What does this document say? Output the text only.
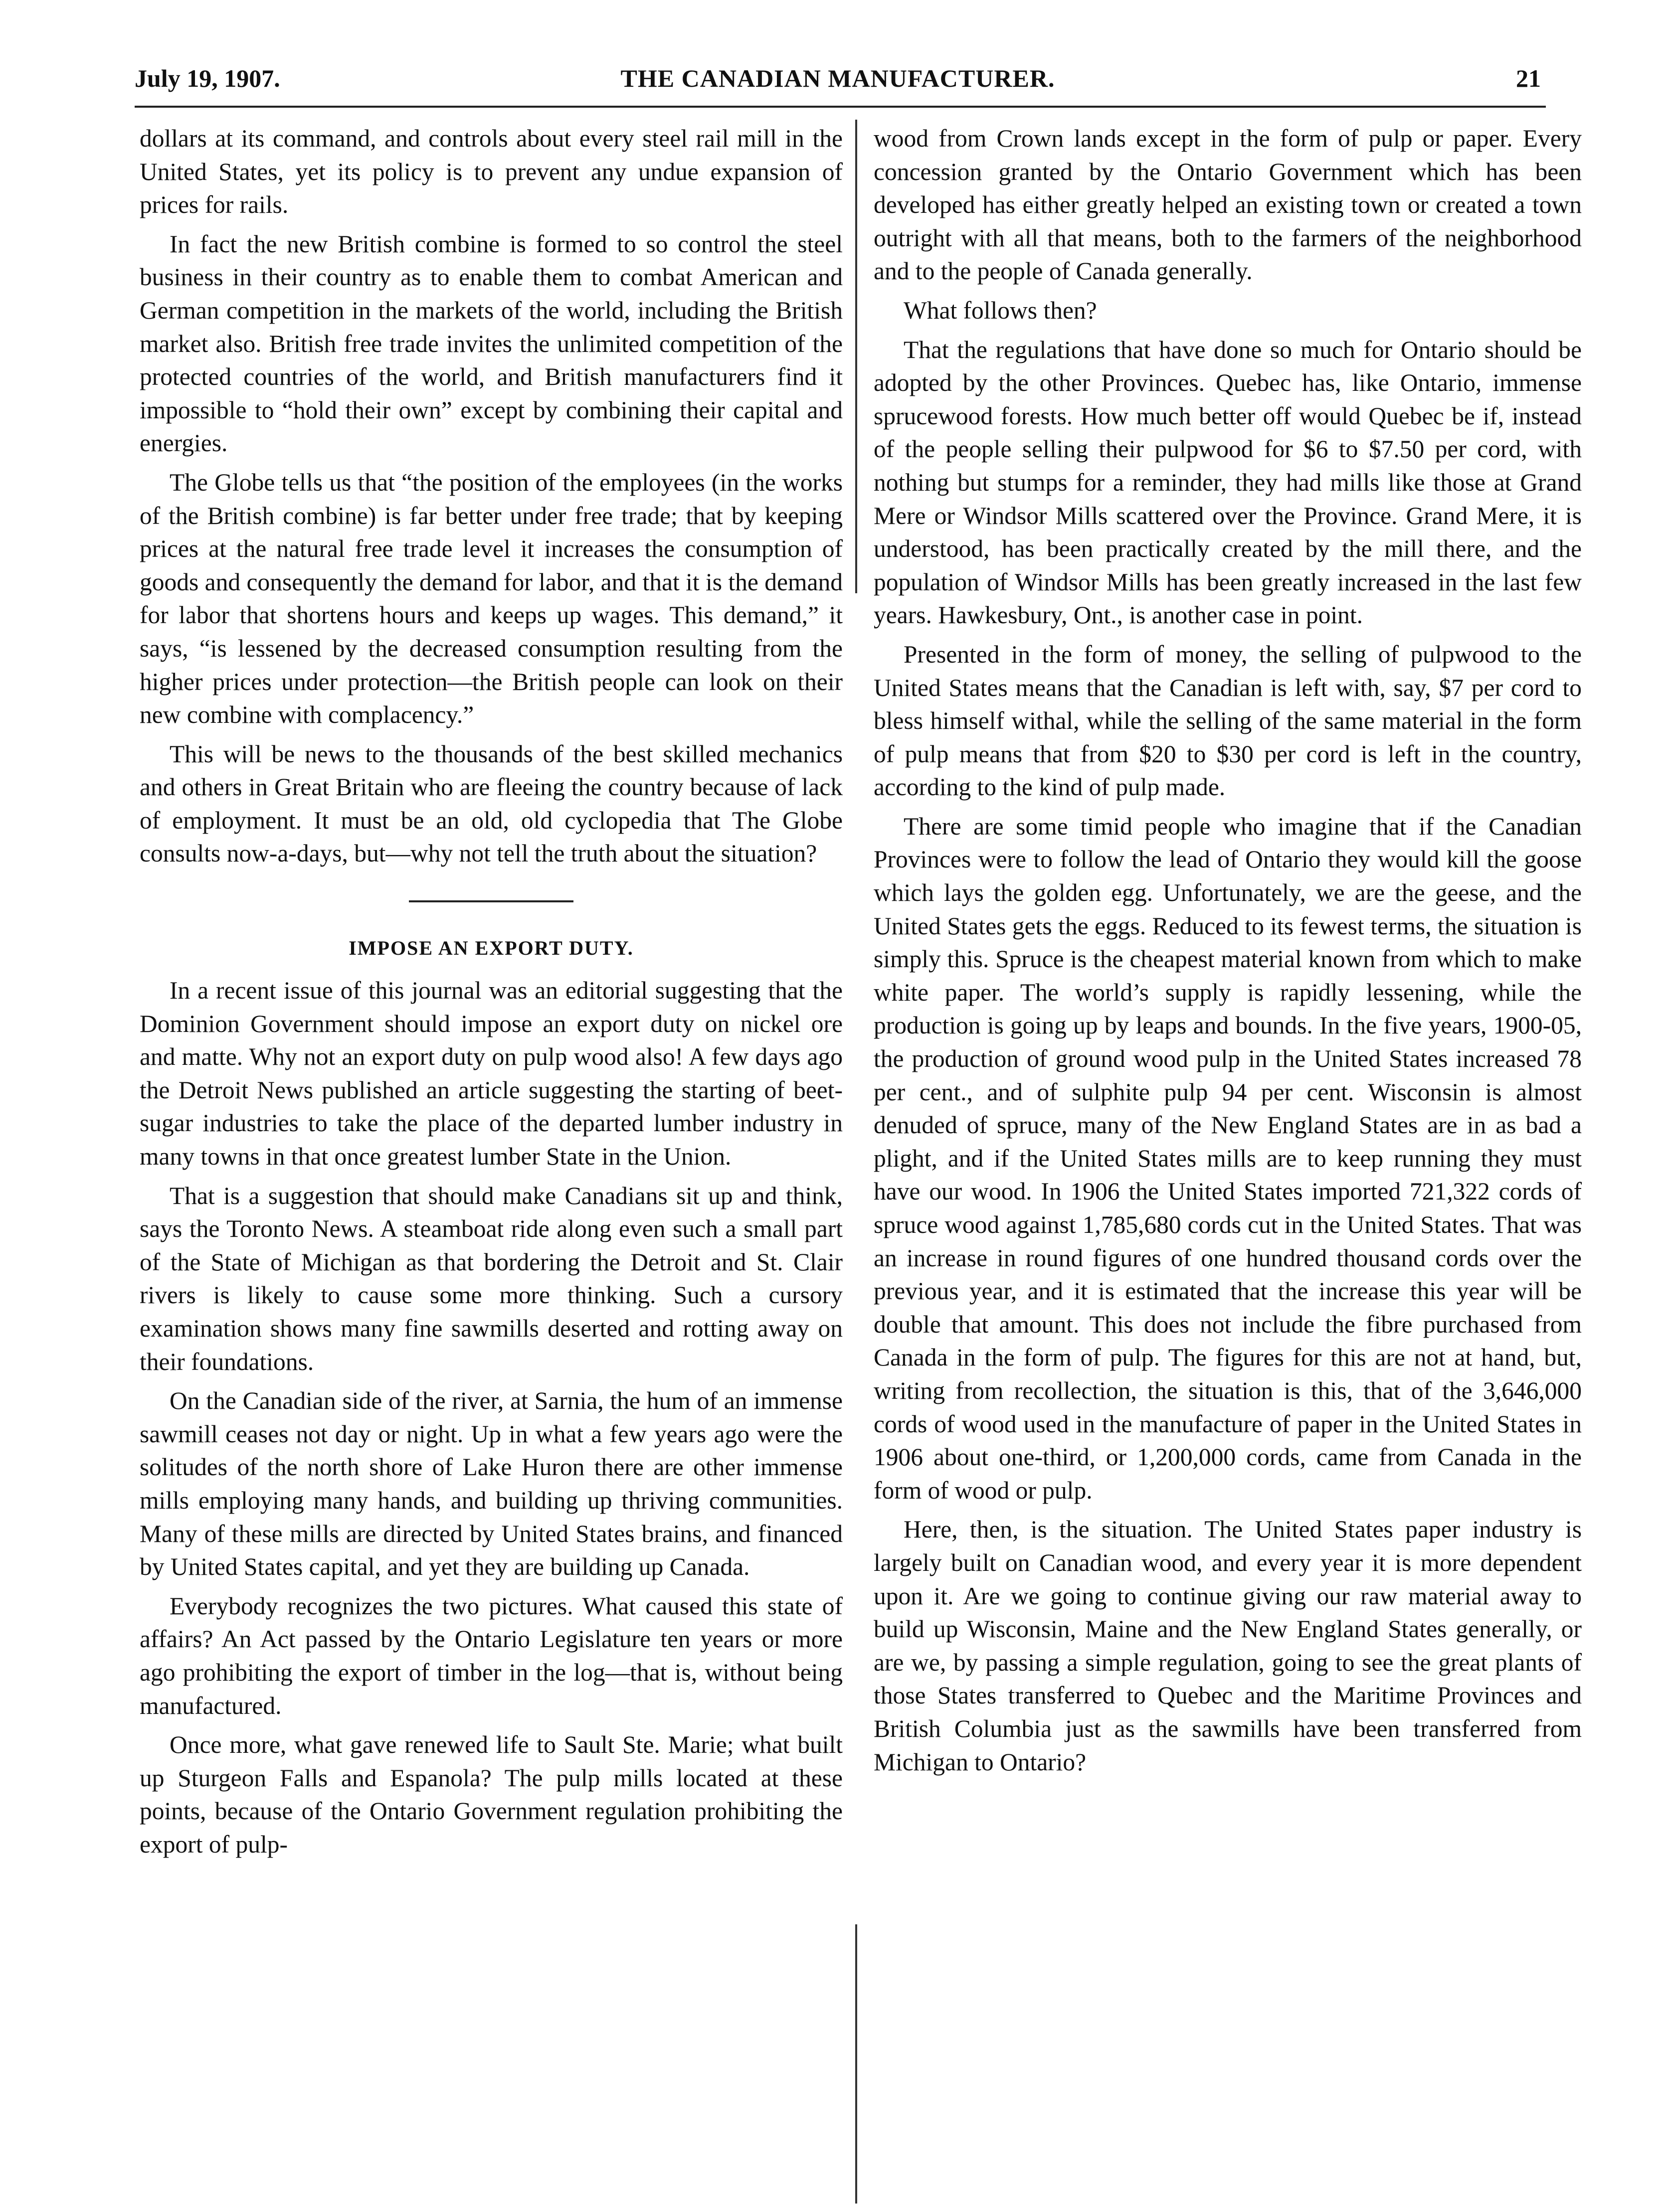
July 19, 1907.	THE CANADIAN MANUFACTURER.	21

dollars at its command, and controls about every steel rail mill in the United States, yet its policy is to prevent any undue expansion of prices for rails.

In fact the new British combine is formed to so control the steel business in their country as to enable them to combat American and German competition in the markets of the world, including the British market also. British free trade invites the unlimited competition of the protected countries of the world, and British manufacturers find it impossible to “hold their own” except by combining their capital and energies.

The Globe tells us that “the position of the employees (in the works of the British combine) is far better under free trade; that by keeping prices at the natural free trade level it increases the consumption of goods and consequently the demand for labor, and that it is the demand for labor that shortens hours and keeps up wages. This demand,” it says, “is lessened by the decreased consumption resulting from the higher prices under protection—the British people can look on their new combine with complacency.”

This will be news to the thousands of the best skilled mechanics and others in Great Britain who are fleeing the country because of lack of employment. It must be an old, old cyclopedia that The Globe consults now-a-days, but—why not tell the truth about the situation?

IMPOSE AN EXPORT DUTY.

In a recent issue of this journal was an editorial suggesting that the Dominion Government should impose an export duty on nickel ore and matte. Why not an export duty on pulp wood also! A few days ago the Detroit News published an article suggesting the starting of beet-sugar industries to take the place of the departed lumber industry in many towns in that once greatest lumber State in the Union.

That is a suggestion that should make Canadians sit up and think, says the Toronto News. A steamboat ride along even such a small part of the State of Michigan as that bordering the Detroit and St. Clair rivers is likely to cause some more thinking. Such a cursory examination shows many fine sawmills deserted and rotting away on their foundations.

On the Canadian side of the river, at Sarnia, the hum of an immense sawmill ceases not day or night. Up in what a few years ago were the solitudes of the north shore of Lake Huron there are other immense mills employing many hands, and building up thriving communities. Many of these mills are directed by United States brains, and financed by United States capital, and yet they are building up Canada.

Everybody recognizes the two pictures. What caused this state of affairs? An Act passed by the Ontario Legislature ten years or more ago prohibiting the export of timber in the log—that is, without being manufactured.

Once more, what gave renewed life to Sault Ste. Marie; what built up Sturgeon Falls and Espanola? The pulp mills located at these points, because of the Ontario Government regulation prohibiting the export of pulp-

wood from Crown lands except in the form of pulp or paper. Every concession granted by the Ontario Government which has been developed has either greatly helped an existing town or created a town outright with all that means, both to the farmers of the neighborhood and to the people of Canada generally.

What follows then?

That the regulations that have done so much for Ontario should be adopted by the other Provinces. Quebec has, like Ontario, immense sprucewood forests. How much better off would Quebec be if, instead of the people selling their pulpwood for $6 to $7.50 per cord, with nothing but stumps for a reminder, they had mills like those at Grand Mere or Windsor Mills scattered over the Province. Grand Mere, it is understood, has been practically created by the mill there, and the population of Windsor Mills has been greatly increased in the last few years. Hawkesbury, Ont., is another case in point.

Presented in the form of money, the selling of pulpwood to the United States means that the Canadian is left with, say, $7 per cord to bless himself withal, while the selling of the same material in the form of pulp means that from $20 to $30 per cord is left in the country, according to the kind of pulp made.

There are some timid people who imagine that if the Canadian Provinces were to follow the lead of Ontario they would kill the goose which lays the golden egg. Unfortunately, we are the geese, and the United States gets the eggs. Reduced to its fewest terms, the situation is simply this. Spruce is the cheapest material known from which to make white paper. The world’s supply is rapidly lessening, while the production is going up by leaps and bounds. In the five years, 1900-05, the production of ground wood pulp in the United States increased 78 per cent., and of sulphite pulp 94 per cent. Wisconsin is almost denuded of spruce, many of the New England States are in as bad a plight, and if the United States mills are to keep running they must have our wood. In 1906 the United States imported 721,322 cords of spruce wood against 1,785,680 cords cut in the United States. That was an increase in round figures of one hundred thousand cords over the previous year, and it is estimated that the increase this year will be double that amount. This does not include the fibre purchased from Canada in the form of pulp. The figures for this are not at hand, but, writing from recollection, the situation is this, that of the 3,646,000 cords of wood used in the manufacture of paper in the United States in 1906 about one-third, or 1,200,000 cords, came from Canada in the form of wood or pulp.

Here, then, is the situation. The United States paper industry is largely built on Canadian wood, and every year it is more dependent upon it. Are we going to continue giving our raw material away to build up Wisconsin, Maine and the New England States generally, or are we, by passing a simple regulation, going to see the great plants of those States transferred to Quebec and the Maritime Provinces and British Columbia just as the sawmills have been transferred from Michigan to Ontario?
